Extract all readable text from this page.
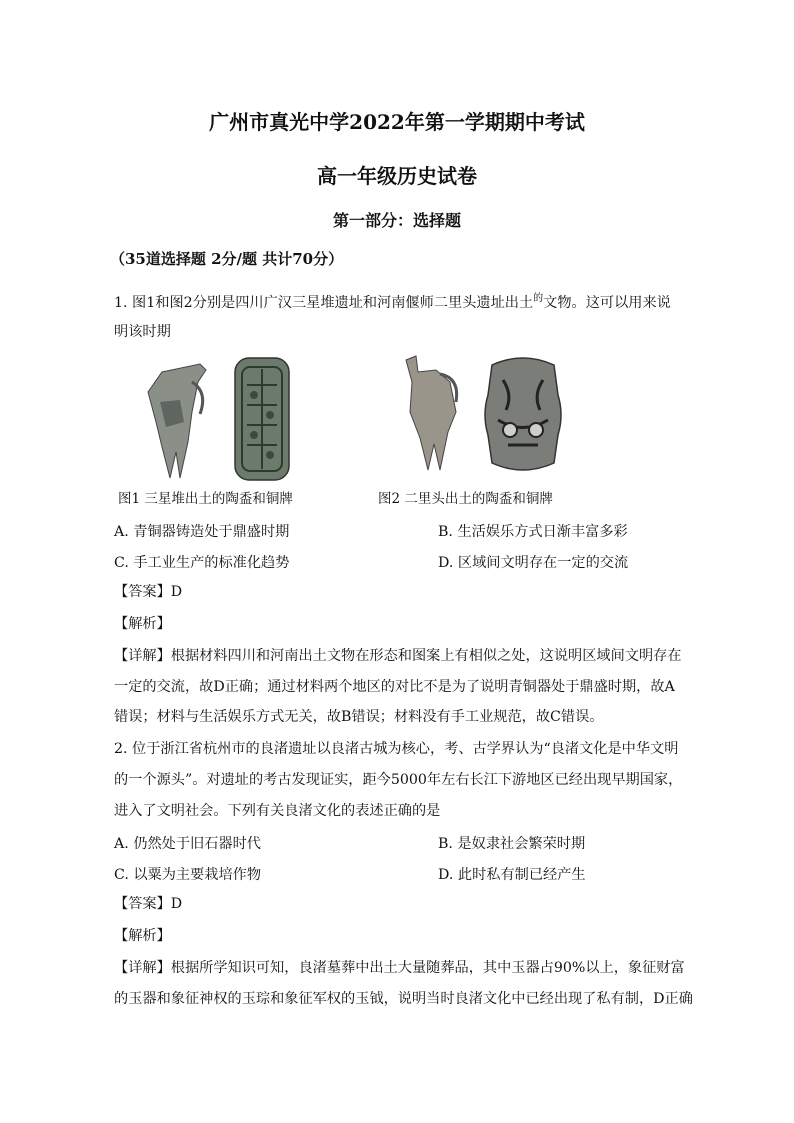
广州市真光中学2022年第一学期期中考试
高一年级历史试卷
第一部分：选择题
（35道选择题 2分/题 共计70分）
1. 图1和图2分别是四川广汉三星堆遗址和河南偃师二里头遗址出土$^的$文物。这可以用来说
明该时期
图1 三星堆出土的陶盉和铜牌	图2 二里头出土的陶盉和铜牌
A. 青铜器铸造处于鼎盛时期	B. 生活娱乐方式日渐丰富多彩
C. 手工业生产的标准化趋势	D. 区域间文明存在一定的交流
【答案】D
【解析】
【详解】根据材料四川和河南出土文物在形态和图案上有相似之处，这说明区域间文明存在
一定的交流，故D正确；通过材料两个地区的对比不是为了说明青铜器处于鼎盛时期，故A
错误；材料与生活娱乐方式无关，故B错误；材料没有手工业规范，故C错误。
2. 位于浙江省杭州市的良渚遗址以良渚古城为核心，考、古学界认为“良渚文化是中华文明
的一个源头”。对遗址的考古发现证实，距今5000年左右长江下游地区已经出现早期国家，
进入了文明社会。下列有关良渚文化的表述正确的是
A. 仍然处于旧石器时代	B. 是奴隶社会繁荣时期
C. 以粟为主要栽培作物	D. 此时私有制已经产生
【答案】D
【解析】
【详解】根据所学知识可知，良渚墓葬中出土大量随葬品，其中玉器占90%以上，象征财富
的玉器和象征神权的玉琮和象征军权的玉钺，说明当时良渚文化中已经出现了私有制，D正确
